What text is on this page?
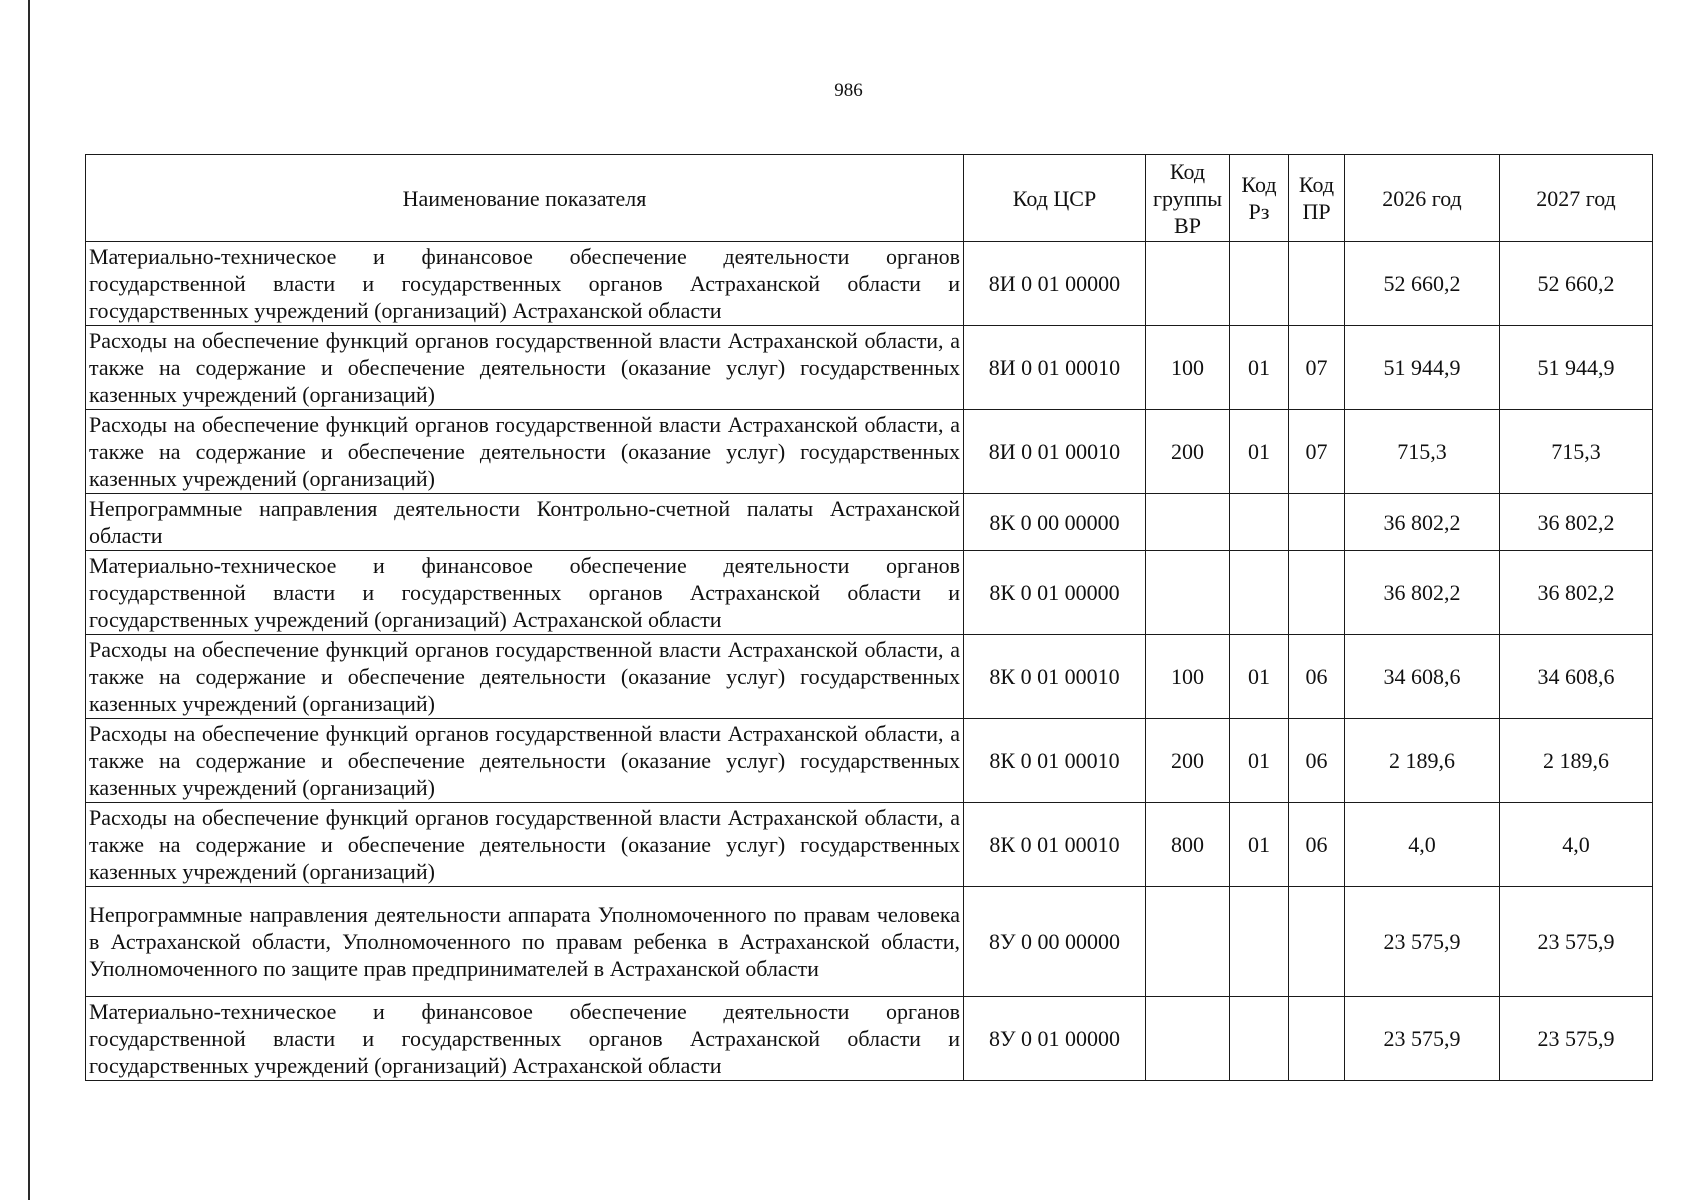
986
Наименование показателя	Код ЦСР	Код группы ВР	Код Рз	Код ПР	2026 год	2027 год
Материально-техническое и финансовое обеспечение деятельности органов государственной власти и государственных органов Астраханской области и государственных учреждений (организаций) Астраханской области	8И 0 01 00000				52 660,2	52 660,2
Расходы на обеспечение функций органов государственной власти Астраханской области, а также на содержание и обеспечение деятельности (оказание услуг) государственных казенных учреждений (организаций)	8И 0 01 00010	100	01	07	51 944,9	51 944,9
Расходы на обеспечение функций органов государственной власти Астраханской области, а также на содержание и обеспечение деятельности (оказание услуг) государственных казенных учреждений (организаций)	8И 0 01 00010	200	01	07	715,3	715,3
Непрограммные направления деятельности Контрольно-счетной палаты Астраханской области	8К 0 00 00000				36 802,2	36 802,2
Материально-техническое и финансовое обеспечение деятельности органов государственной власти и государственных органов Астраханской области и государственных учреждений (организаций) Астраханской области	8К 0 01 00000				36 802,2	36 802,2
Расходы на обеспечение функций органов государственной власти Астраханской области, а также на содержание и обеспечение деятельности (оказание услуг) государственных казенных учреждений (организаций)	8К 0 01 00010	100	01	06	34 608,6	34 608,6
Расходы на обеспечение функций органов государственной власти Астраханской области, а также на содержание и обеспечение деятельности (оказание услуг) государственных казенных учреждений (организаций)	8К 0 01 00010	200	01	06	2 189,6	2 189,6
Расходы на обеспечение функций органов государственной власти Астраханской области, а также на содержание и обеспечение деятельности (оказание услуг) государственных казенных учреждений (организаций)	8К 0 01 00010	800	01	06	4,0	4,0
Непрограммные направления деятельности аппарата Уполномоченного по правам человека в Астраханской области, Уполномоченного по правам ребенка в Астраханской области, Уполномоченного по защите прав предпринимателей в Астраханской области	8У 0 00 00000				23 575,9	23 575,9
Материально-техническое и финансовое обеспечение деятельности органов государственной власти и государственных органов Астраханской области и государственных учреждений (организаций) Астраханской области	8У 0 01 00000				23 575,9	23 575,9
